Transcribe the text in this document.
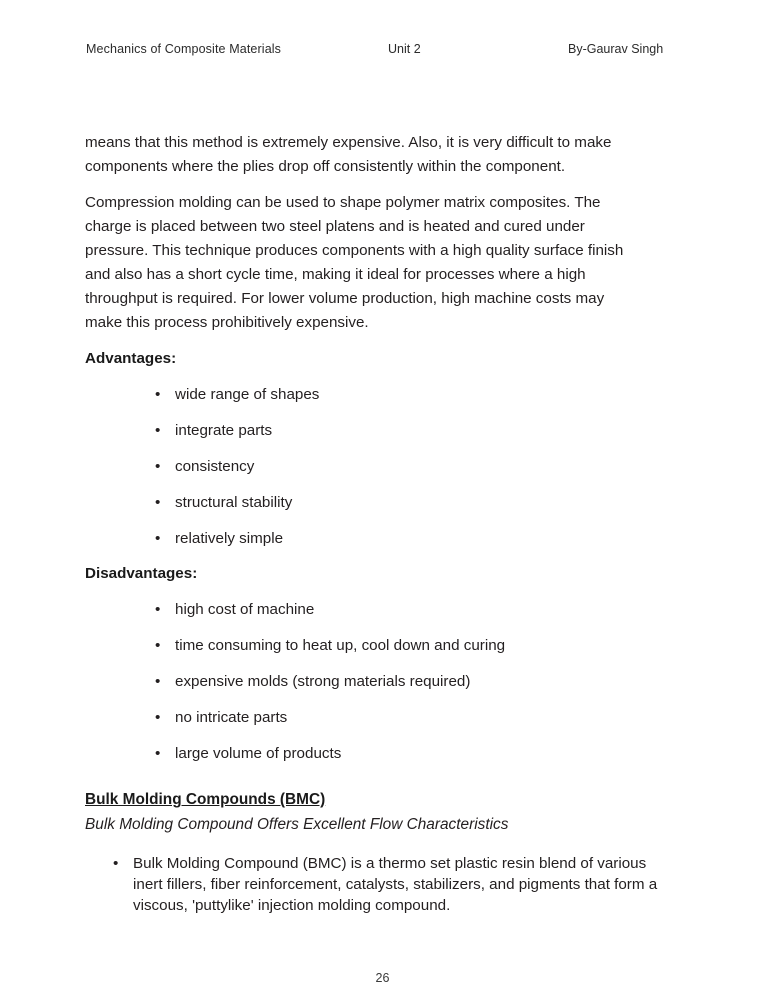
Mechanics of Composite Materials	Unit 2	By-Gaurav Singh

means that this method is extremely expensive. Also, it is very difficult to make components where the plies drop off consistently within the component.

Compression molding can be used to shape polymer matrix composites. The charge is placed between two steel platens and is heated and cured under pressure. This technique produces components with a high quality surface finish and also has a short cycle time, making it ideal for processes where a high throughput is required. For lower volume production, high machine costs may make this process prohibitively expensive.

Advantages:
• wide range of shapes
• integrate parts
• consistency
• structural stability
• relatively simple
Disadvantages:
• high cost of machine
• time consuming to heat up, cool down and curing
• expensive molds (strong materials required)
• no intricate parts
• large volume of products
Bulk Molding Compounds (BMC)
Bulk Molding Compound Offers Excellent Flow Characteristics
• Bulk Molding Compound (BMC) is a thermo set plastic resin blend of various inert fillers, fiber reinforcement, catalysts, stabilizers, and pigments that form a viscous, 'puttylike' injection molding compound.
26
